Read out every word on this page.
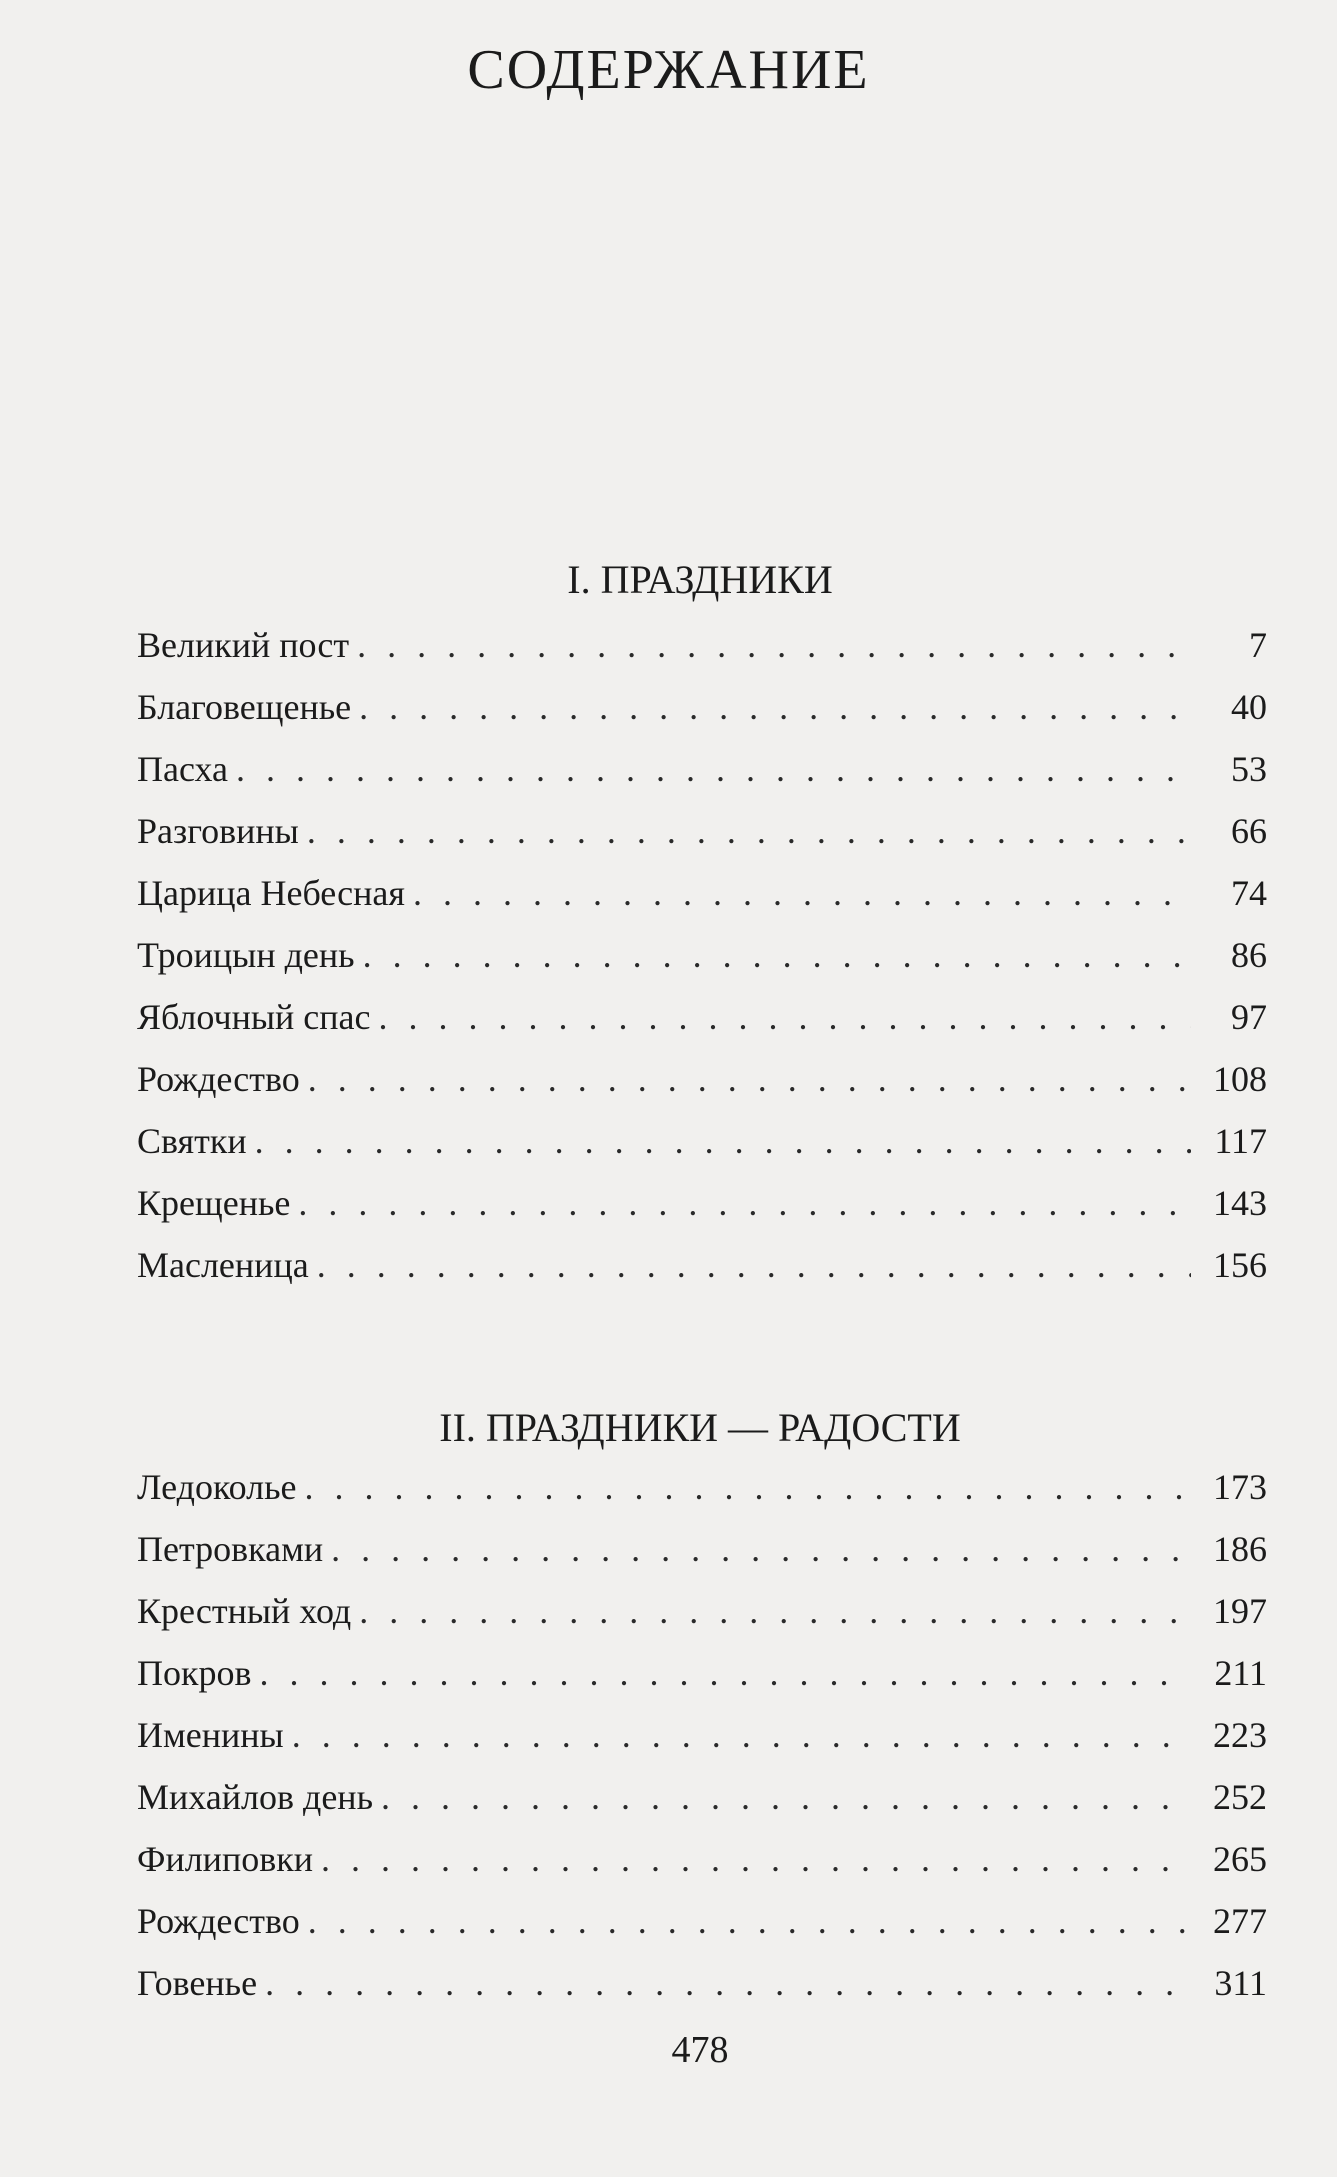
СОДЕРЖАНИЕ
I. ПРАЗДНИКИ
Великий пост . . .	7
Благовещенье . . .	40
Пасха . . .	53
Разговины . . .	66
Царица Небесная . . .	74
Троицын день . . .	86
Яблочный спас . . .	97
Рождество . . .	108
Святки . . .	117
Крещенье . . .	143
Масленица . . .	156
II. ПРАЗДНИКИ — РАДОСТИ
Ледоколье . . .	173
Петровками . . .	186
Крестный ход . . .	197
Покров . . .	211
Именины . . .	223
Михайлов день . . .	252
Филиповки . . .	265
Рождество . . .	277
Говенье . . .	311
478
